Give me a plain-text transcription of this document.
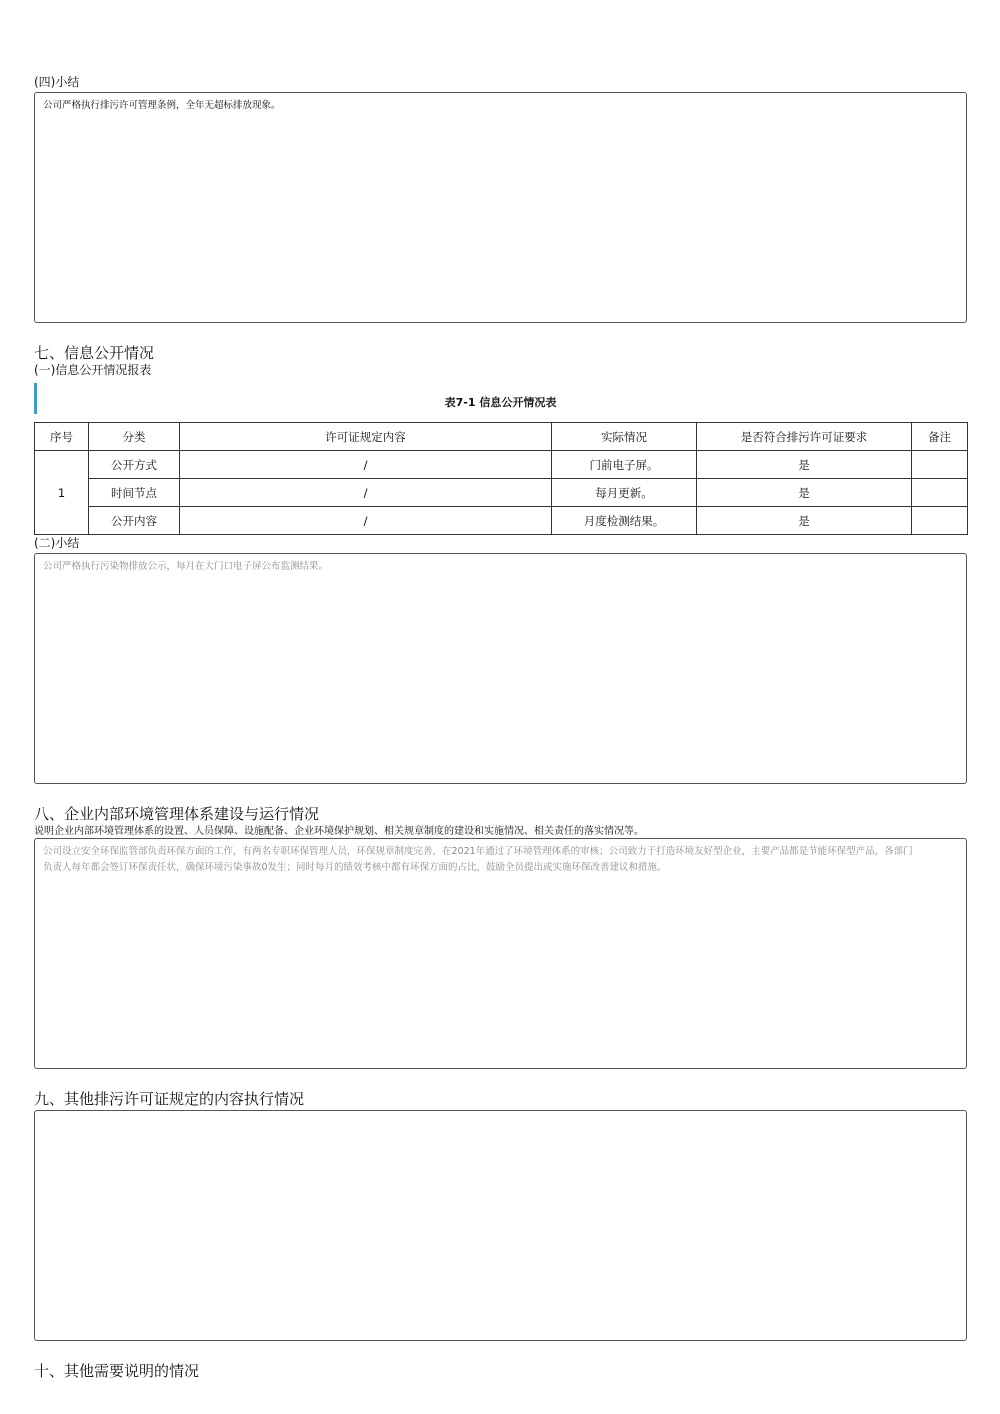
(四)小结
公司严格执行排污许可管理条例，全年无超标排放现象。
七、信息公开情况
(一)信息公开情况报表
表7-1 信息公开情况表
序号	分类	许可证规定内容	实际情况	是否符合排污许可证要求	备注
1	公开方式	/	门前电子屏。	是	
	时间节点	/	每月更新。	是	
	公开内容	/	月度检测结果。	是	
(二)小结
公司严格执行污染物排放公示，每月在大门口电子屏公布监测结果。
八、企业内部环境管理体系建设与运行情况
说明企业内部环境管理体系的设置、人员保障、设施配备、企业环境保护规划、相关规章制度的建设和实施情况、相关责任的落实情况等。
公司设立安全环保监管部负责环保方面的工作，有两名专职环保管理人员，环保规章制度完善，在2021年通过了环境管理体系的审核；公司致力于打造环境友好型企业，主要产品都是节能环保型产品，各部门
负责人每年都会签订环保责任状，确保环境污染事故0发生；同时每月的绩效考核中都有环保方面的占比，鼓励全员提出或实施环保改善建议和措施。
九、其他排污许可证规定的内容执行情况
十、其他需要说明的情况
